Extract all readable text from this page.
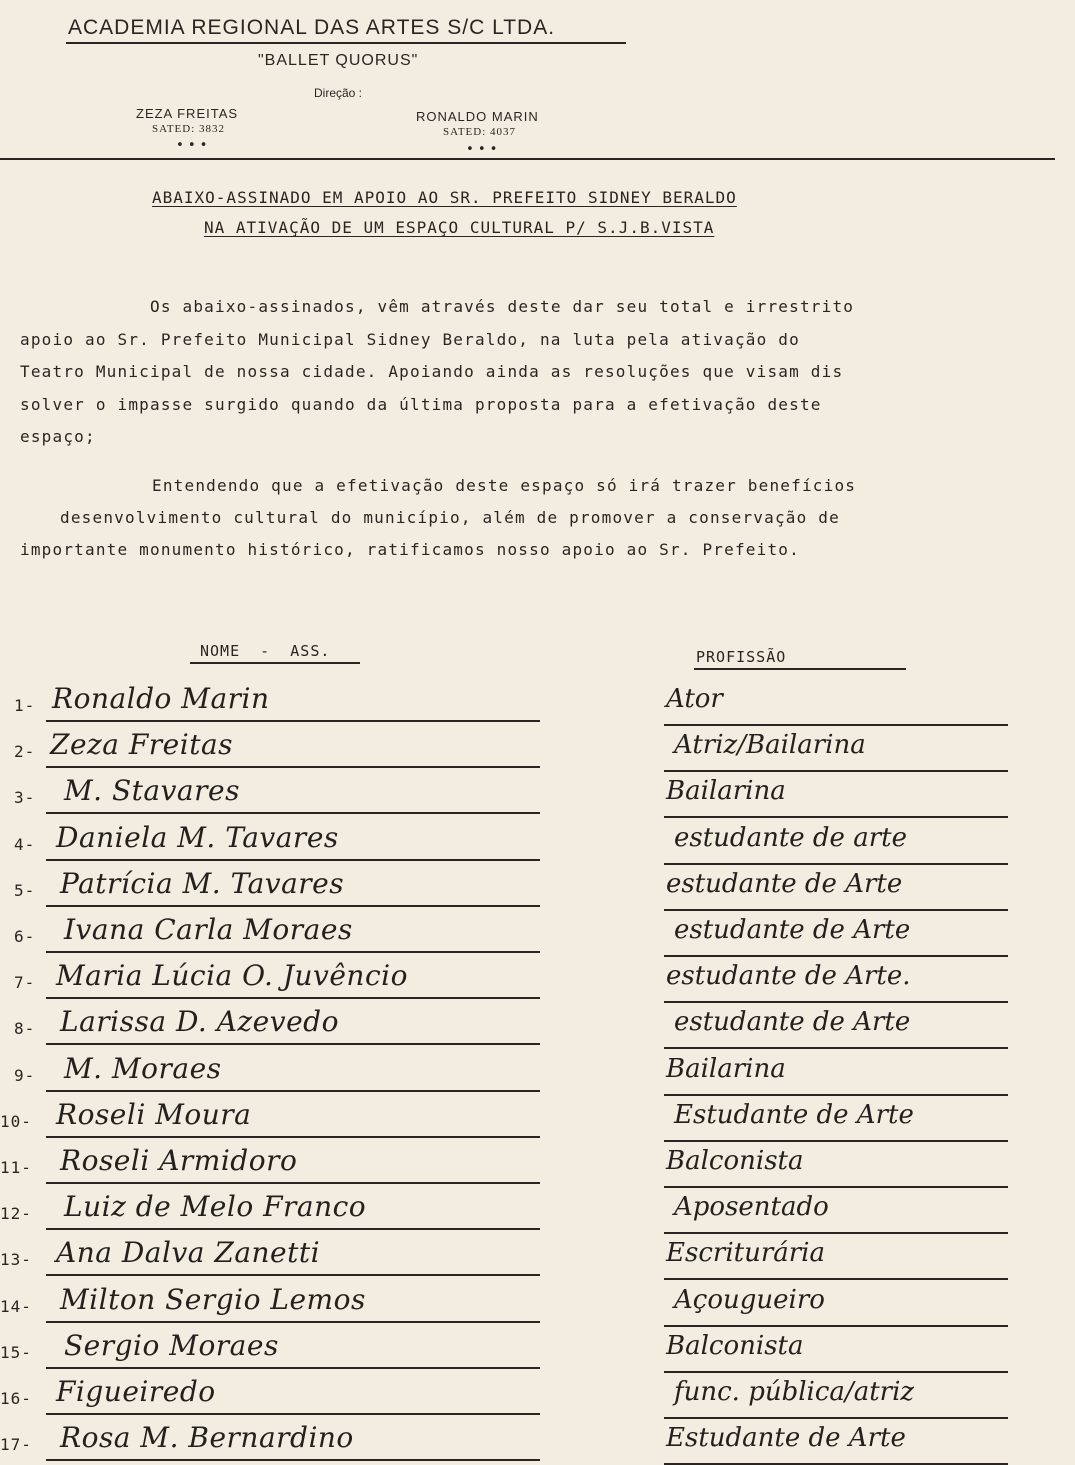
ACADEMIA REGIONAL DAS ARTES S/C LTDA.
"BALLET QUORUS"
Direção :
ZEZA FREITAS
SATED: 3832
•••
RONALDO MARIN
SATED: 4037
•••
ABAIXO-ASSINADO EM APOIO AO SR. PREFEITO SIDNEY BERALDO
NA ATIVAÇÃO DE UM ESPAÇO CULTURAL P/ S.J.B.VISTA
Os abaixo-assinados, vêm através deste dar seu total e irrestrito
apoio ao Sr. Prefeito Municipal Sidney Beraldo, na luta pela ativação do
Teatro Municipal de nossa cidade. Apoiando ainda as resoluções que visam dis
solver o impasse surgido quando da última proposta para a efetivação deste
espaço;
Entendendo que a efetivação deste espaço só irá trazer benefícios
desenvolvimento cultural do município, além de promover a conservação de
importante monumento histórico, ratificamos nosso apoio ao Sr. Prefeito.
NOME  -  ASS.	PROFISSÃO
1- Ronaldo Marin	Ator
2- Zeza Freitas	Atriz/Bailarina
3- M. Stavares	Bailarina
4- Daniela M. Tavares	estudante de arte
5- Patrícia M. Tavares	estudante de Arte
6- Ivana Carla Moraes	estudante de Arte
7- Maria Lúcia O. Juvêncio	estudante de Arte.
8- Larissa D. Azevedo	estudante de Arte
9- M. Moraes	Bailarina
10- Roseli Moura	Estudante de Arte
11- Roseli Armidoro	Balconista
12- Luiz de Melo Franco	Aposentado
13- Ana Dalva Zanetti	Escriturária
14- Milton Sergio Lemos	Açougueiro
15- Sergio Moraes	Balconista
16- Figueiredo	func. pública/atriz
17- Rosa M. Bernardino	Estudante de Arte
